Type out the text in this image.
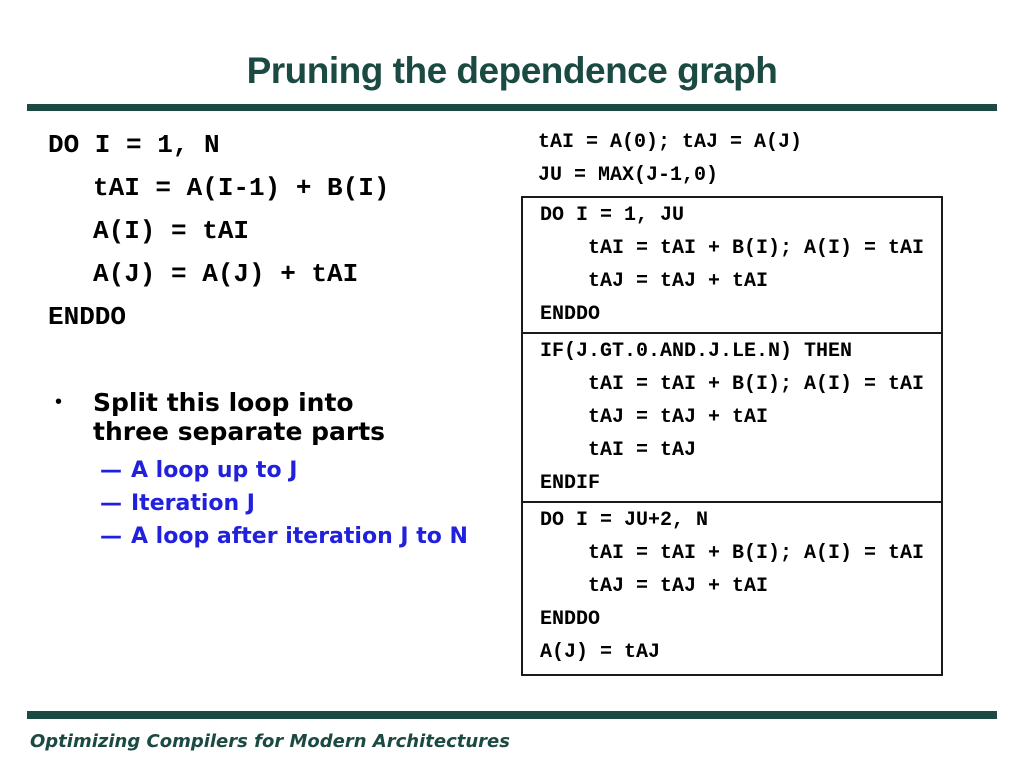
Pruning the dependence graph
DO I = 1, N
tAI = A(I-1) + B(I)
A(I) = tAI
A(J) = A(J) + tAI
ENDDO
•	Split this loop into three separate parts
— A loop up to J
— Iteration J
— A loop after iteration J to N
tAI = A(0); tAJ = A(J)
JU = MAX(J-1,0)
DO I = 1, JU
tAI = tAI + B(I); A(I) = tAI
tAJ = tAJ + tAI
ENDDO
IF(J.GT.0.AND.J.LE.N) THEN
tAI = tAI + B(I); A(I) = tAI
tAJ = tAJ + tAI
tAI = tAJ
ENDIF
DO I = JU+2, N
tAI = tAI + B(I); A(I) = tAI
tAJ = tAJ + tAI
ENDDO
A(J) = tAJ
Optimizing Compilers for Modern Architectures
